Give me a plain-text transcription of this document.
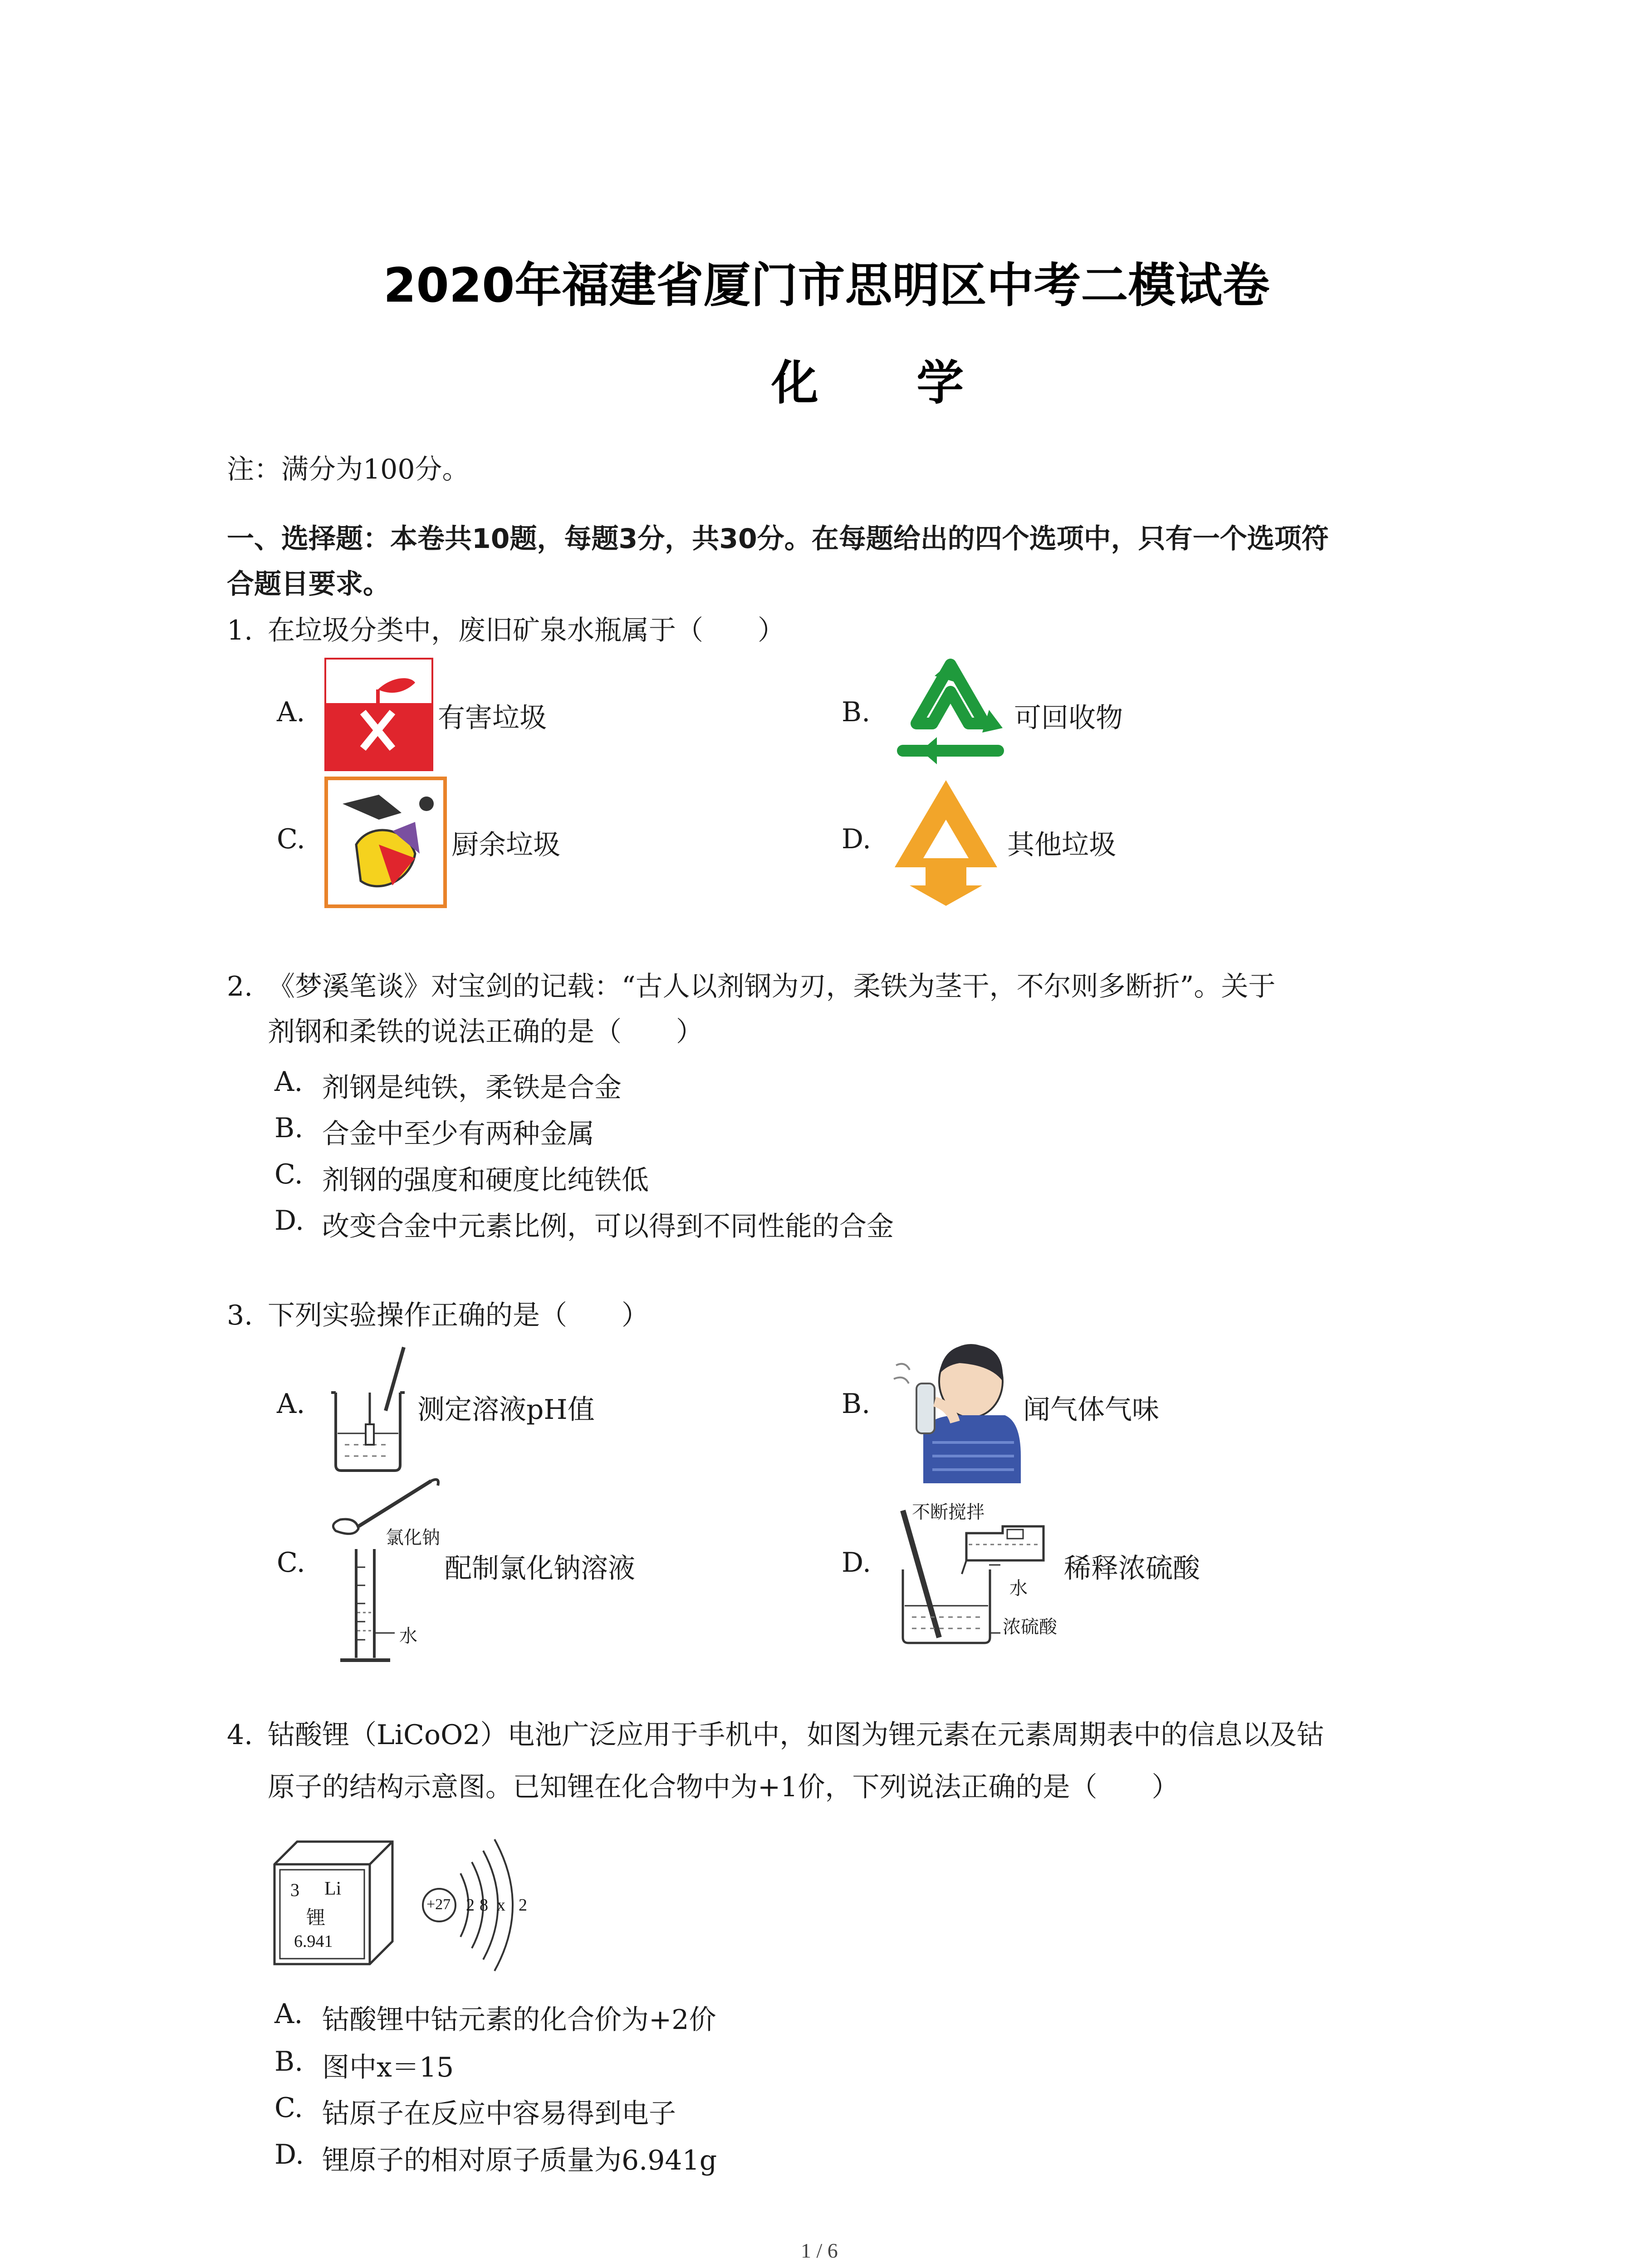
2020年福建省厦门市思明区中考二模试卷
化 学
注：满分为100分。
一、选择题：本卷共10题，每题3分，共30分。在每题给出的四个选项中，只有一个选项符
合题目要求。
1. 在垃圾分类中，废旧矿泉水瓶属于（　　）
A.	有害垃圾	B.	可回收物
C.	厨余垃圾	D.	其他垃圾
2. 《梦溪笔谈》对宝剑的记载：“古人以剂钢为刃，柔铁为茎干，不尔则多断折”。关于
剂钢和柔铁的说法正确的是（　　）
A. 剂钢是纯铁，柔铁是合金
B. 合金中至少有两种金属
C. 剂钢的强度和硬度比纯铁低
D. 改变合金中元素比例，可以得到不同性能的合金
3. 下列实验操作正确的是（　　）
A.	测定溶液pH值	B.	闻气体气味
C.
氯化钠
水
配制氯化钠溶液	D.
不断搅拌
水
浓硫酸
稀释浓硫酸
4. 钴酸锂（LiCoO2）电池广泛应用于手机中，如图为锂元素在元素周期表中的信息以及钴
原子的结构示意图。已知锂在化合物中为+1价，下列说法正确的是（　　）
3 Li
锂
6.941
+27 2 8 x 2
A. 钴酸锂中钴元素的化合价为+2价
B. 图中x＝15
C. 钴原子在反应中容易得到电子
D. 锂原子的相对原子质量为6.941g
1 / 6
